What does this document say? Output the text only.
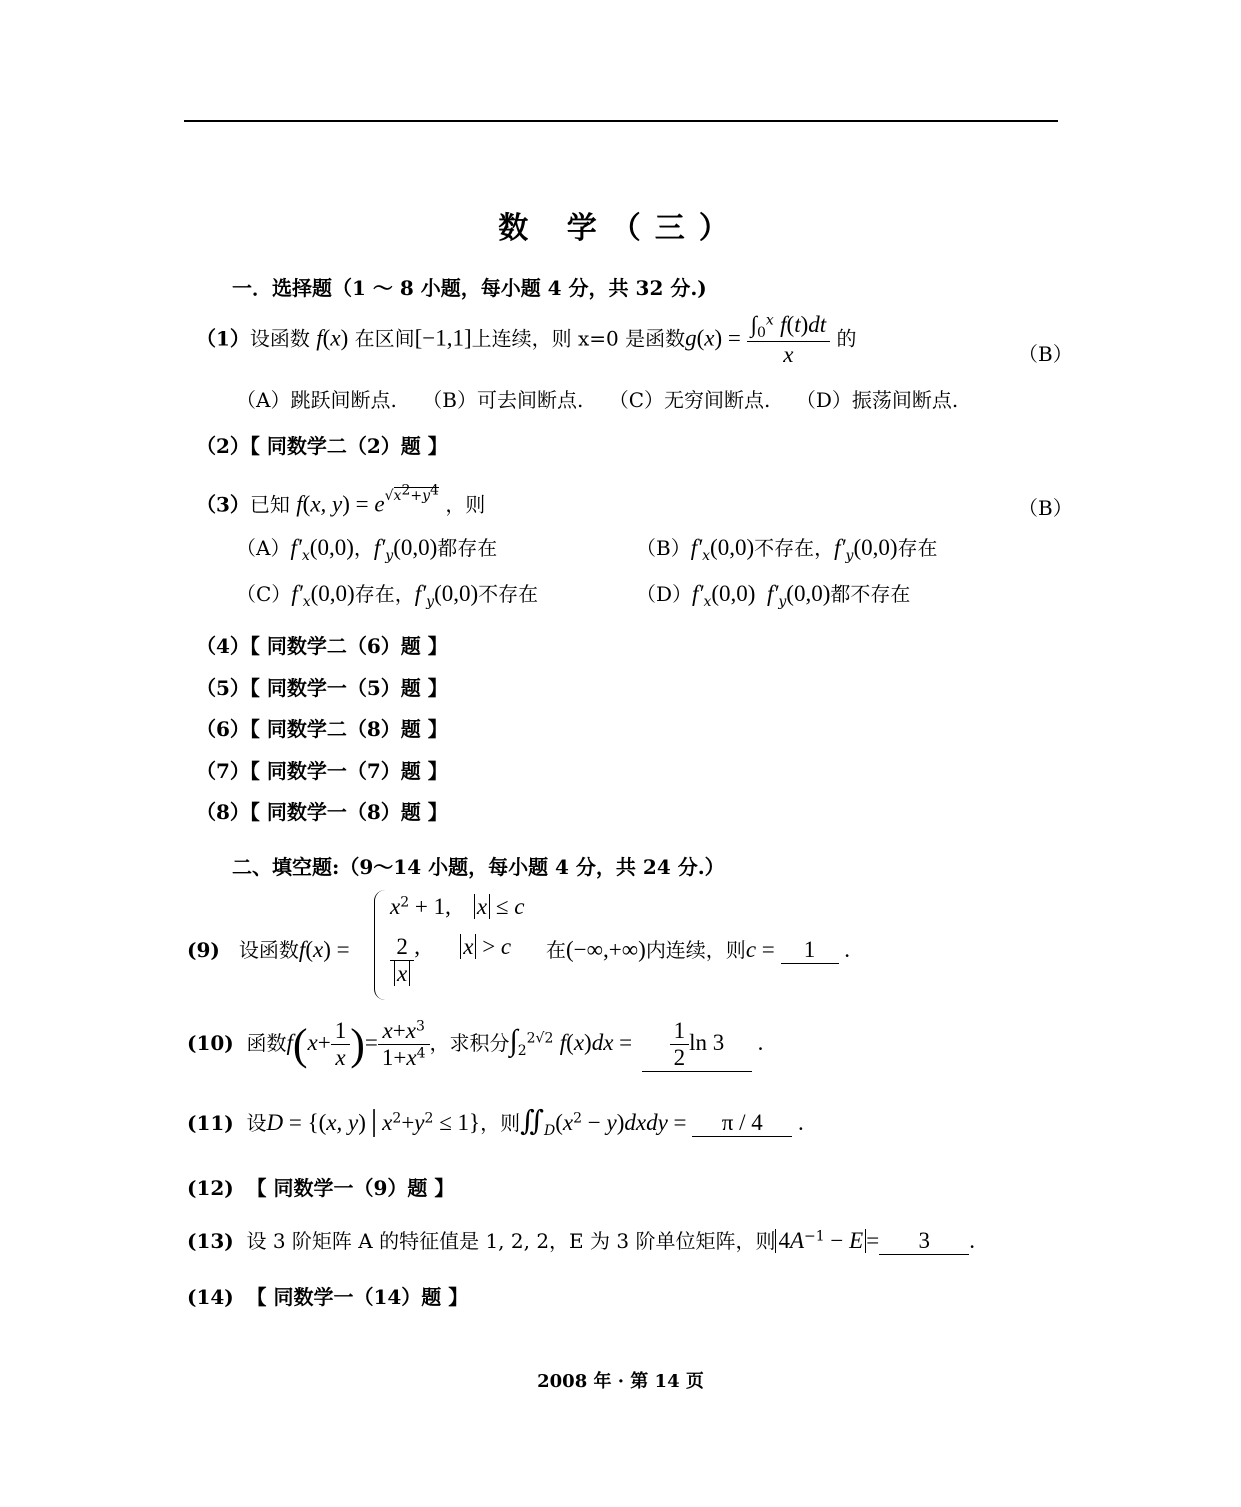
数 学（三）
一．选择题（1 ～ 8 小题，每小题 4 分，共 32 分.)
（1）设函数 f(x) 在区间[−1,1]上连续，则 x=0 是函数$g(x) = \frac{\int_0^x f(t)dt}{x}$ 的
（B）
（A）跳跃间断点. （B）可去间断点. （C）无穷间断点. （D）振荡间断点.
（2）【 同数学二（2）题 】
（3）已知 f(x, $y) = e^{√x^2+y^4}$ ，则	（B）
$(A)f'_x(0,0)$，$f'_y(0,0)$都存在	$(B)f'_x(0,0)$不存在，$f'_y(0,0)$存在
$(C)f'_x(0,0)$存在，$f'_y(0,0)$不存在	$(D)f'_x(0,0)$  $f'_y(0,0)$都不存在
（4）【 同数学二（6）题 】
（5）【 同数学一（5）题 】
（6）【 同数学二（8）题 】
（7）【 同数学一（7）题 】
（8）【 同数学一（8）题 】
二、填空题:（9～14 小题，每小题 4 分，共 24 分.）
(9) 设函数f(x) =
$x^2 + 1$,    x ≤ c
$\frac{2}{x}$ ,       x > c 在(−∞,+∞)内连续，则c = 1 .
(10) 函数$f(x+ \frac{1}{x}$ )= $\frac{x+x^3}{1+x^4}$ ，求积分$\int_2^{2√2}$ $f(x)dx = \frac{1}{2}$ ln 3 .
(11) 设D = {(x, $y)│x^2+y^2 \le 1$}，则$∬_D(x^2$ − y)dxdy = π / 4 .
(12) 【 同数学一（9）题 】
(13) 设 3 阶矩阵 A 的特征值是 1, 2, 2，E 为 3 阶单位矩阵，则 $4A^{-1} - E = 3$ .
(14) 【 同数学一（14）题 】
2008 年 · 第 14 页
